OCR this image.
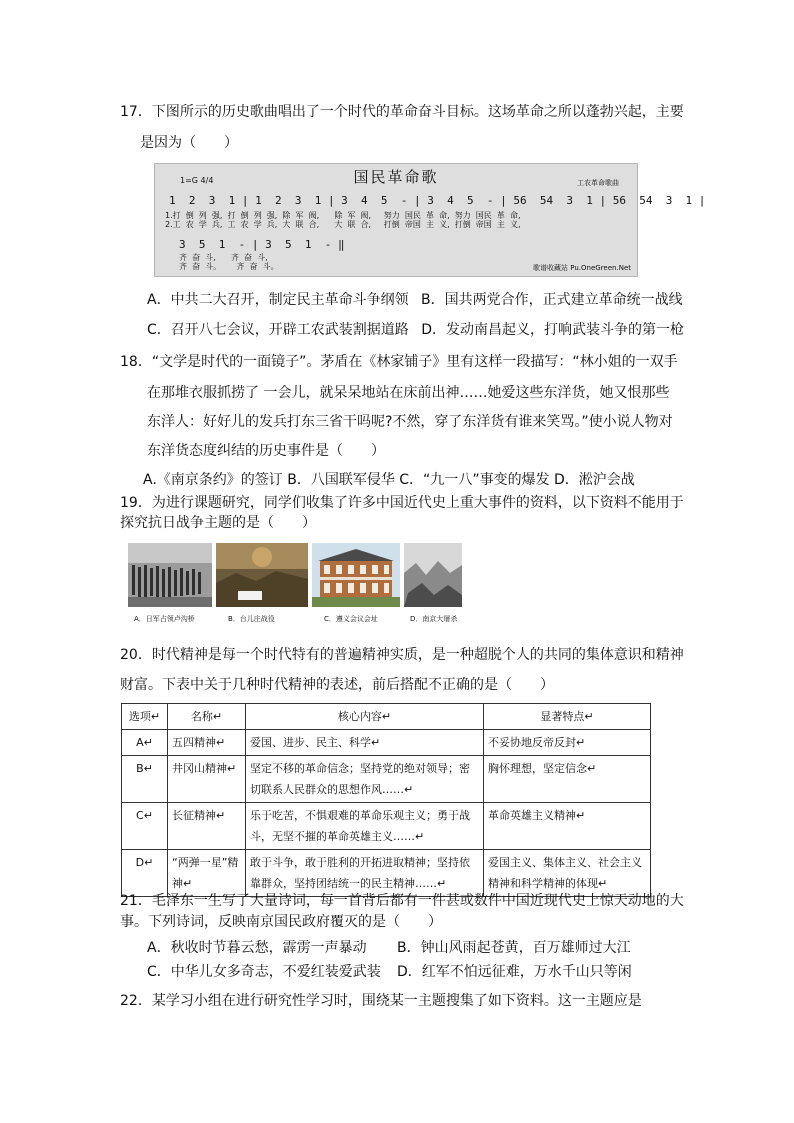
17．下图所示的历史歌曲唱出了一个时代的革命奋斗目标。这场革命之所以蓬勃兴起，主要
是因为（　　）
1=G 4/4	国民革命歌	工农革命歌曲
1  2  3  1 | 1  2  3  1 | 3  4  5  - | 3  4  5  - | 56  54  3  1 | 56  54  3  1 |
1.打  倒  列  强,  打  倒  列  强,  除  军  阀,      除  军  阀,     努力  国民  革  命,  努力  国民  革  命,
2.工  农  学  兵,  工  农  学  兵,  大  联  合,      大  联  合,     打倒  帝国  主  义,  打倒  帝国  主  义,
3  5  1  - | 3  5  1  - ‖
齐  奋  斗,      齐  奋  斗,
齐  奋  斗。      齐  奋  斗。	歌谱收藏站 Pu.OneGreen.Net
A．中共二大召开，制定民主革命斗争纲领 B．国共两党合作，正式建立革命统一战线
C．召开八七会议，开辟工农武装割据道路 D．发动南昌起义，打响武装斗争的第一枪
18．“文学是时代的一面镜子”。茅盾在《林家铺子》里有这样一段描写：“林小姐的一双手
在那堆衣服抓捞了 一会儿，就呆呆地站在床前出神……她爱这些东洋货，她又恨那些
东洋人：好好儿的发兵打东三省干吗呢?不然，穿了东洋货有谁来笑骂。”使小说人物对
东洋货态度纠结的历史事件是（　　）
A.《南京条约》的签订 B．八国联军侵华 C．“九一八”事变的爆发 D．淞沪会战
19．为进行课题研究，同学们收集了许多中国近代史上重大事件的资料，以下资料不能用于
探究抗日战争主题的是（　　）
A．日军占领卢沟桥	B．台儿庄战役	C．遵义会议会址	D．南京大屠杀
20．时代精神是每一个时代特有的普遍精神实质，是一种超脱个人的共同的集体意识和精神
财富。下表中关于几种时代精神的表述，前后搭配不正确的是（　　）
选项↵	名称↵	核心内容↵	显著特点↵
A↵	五四精神↵	爱国、进步、民主、科学↵	不妥协地反帝反封↵
B↵	井冈山精神↵	坚定不移的革命信念；坚持党的绝对领导；密切联系人民群众的思想作风……↵	胸怀理想，坚定信念↵
C↵	长征精神↵	乐于吃苦，不惧艰难的革命乐观主义；勇于战斗，无坚不摧的革命英雄主义……↵	革命英雄主义精神↵
D↵	“两弹一星”精神↵	敢于斗争，敢于胜利的开拓进取精神；坚持依靠群众，坚持团结统一的民主精神……↵	爱国主义、集体主义、社会主义精神和科学精神的体现↵
21．毛泽东一生写了大量诗词，每一首背后都有一件甚或数件中国近现代史上惊天动地的大
事。下列诗词，反映南京国民政府覆灭的是（　　）
A．秋收时节暮云愁，霹雳一声暴动 B．钟山风雨起苍黄，百万雄师过大江
C．中华儿女多奇志，不爱红装爱武装 D．红军不怕远征难，万水千山只等闲
22．某学习小组在进行研究性学习时，围绕某一主题搜集了如下资料。这一主题应是
